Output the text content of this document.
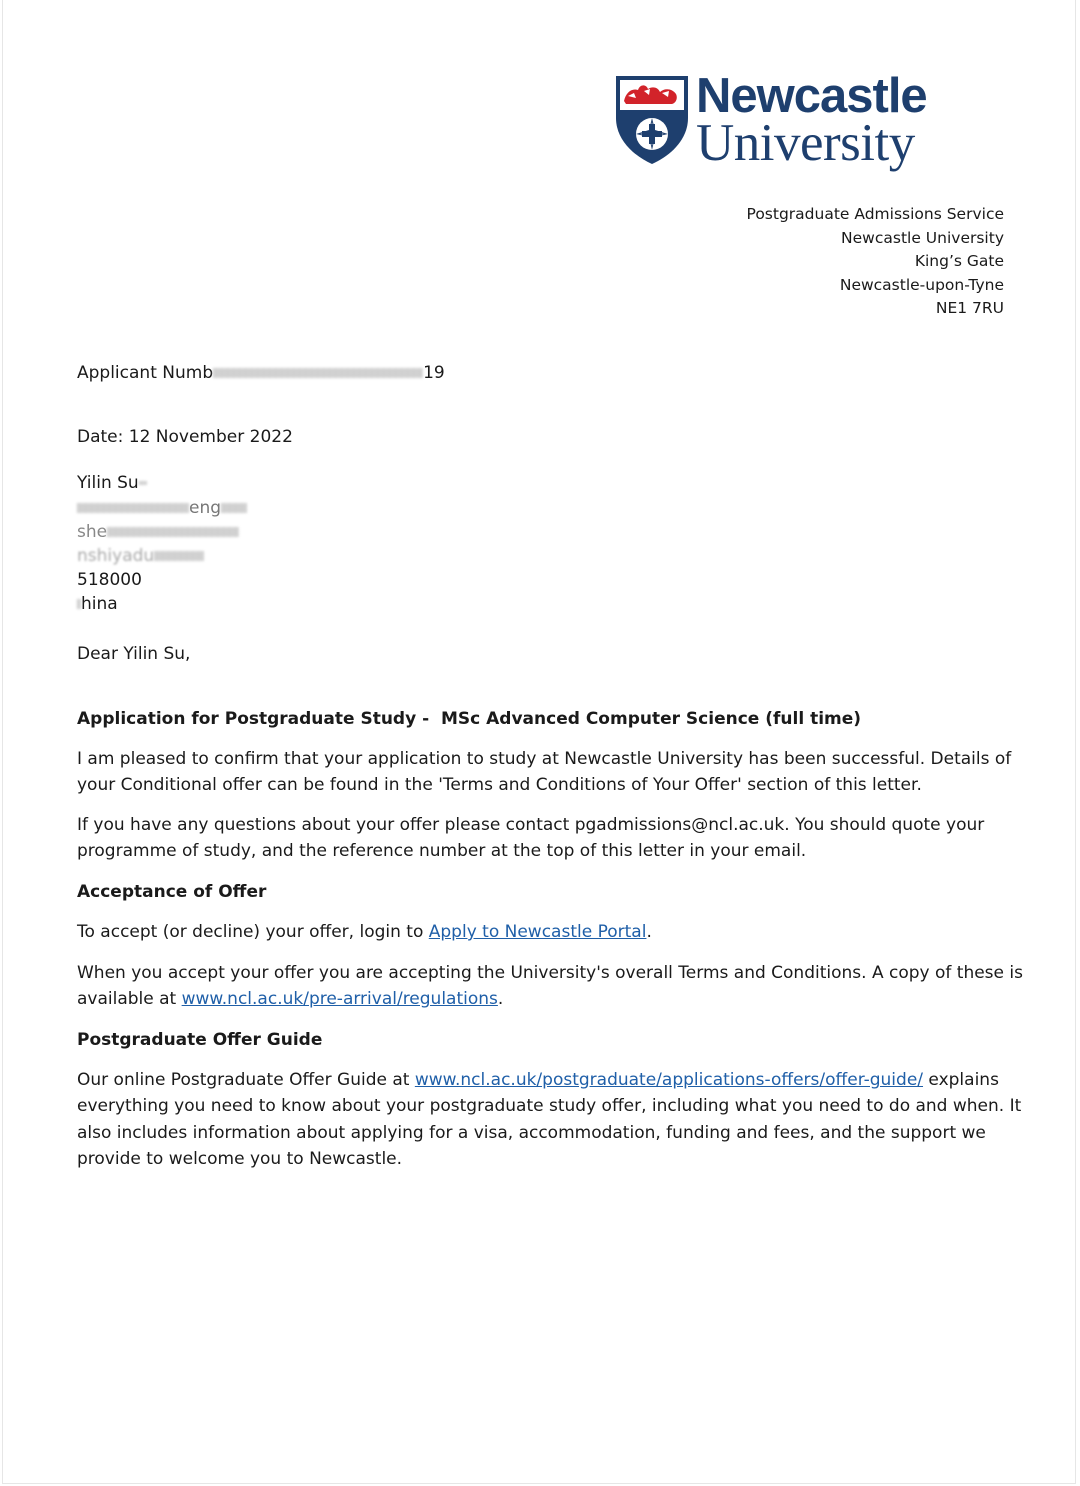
Newcastle
University
Postgraduate Admissions Service
Newcastle University
King’s Gate
Newcastle-upon-Tyne
NE1 7RU
Applicant Numb	19
Date: 12 November 2022
Yilin Su
eng
she
nshiyadu
518000
hina
Dear Yilin Su,
Application for Postgraduate Study -  MSc Advanced Computer Science (full time)

I am pleased to confirm that your application to study at Newcastle University has been successful. Details of your Conditional offer can be found in the 'Terms and Conditions of Your Offer' section of this letter.

If you have any questions about your offer please contact pgadmissions@ncl.ac.uk. You should quote your programme of study, and the reference number at the top of this letter in your email.

Acceptance of Offer

To accept (or decline) your offer, login to Apply to Newcastle Portal.

When you accept your offer you are accepting the University's overall Terms and Conditions. A copy of these is available at www.ncl.ac.uk/pre-arrival/regulations.

Postgraduate Offer Guide

Our online Postgraduate Offer Guide at www.ncl.ac.uk/postgraduate/applications-offers/offer-guide/ explains everything you need to know about your postgraduate study offer, including what you need to do and when. It also includes information about applying for a visa, accommodation, funding and fees, and the support we provide to welcome you to Newcastle.
